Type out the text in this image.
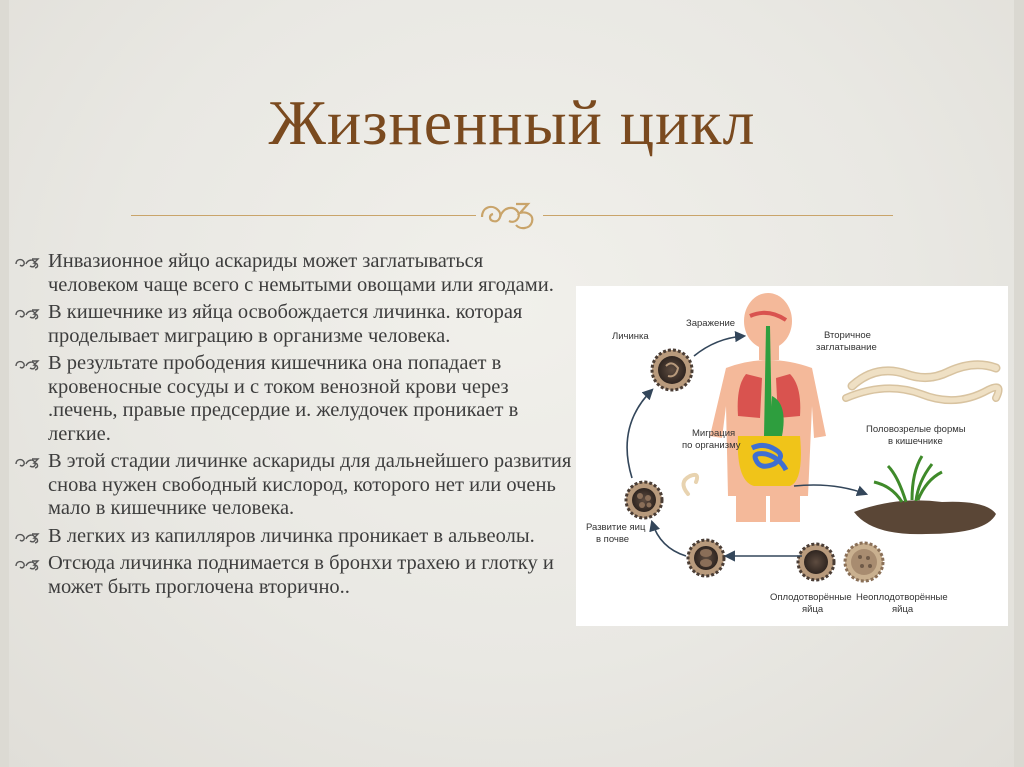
Жизненный цикл
Инвазионное яйцо аскариды может заглатываться человеком чаще всего с немытыми овощами или ягодами.
В кишечнике из яйца освобождается личинка. которая проделывает миграцию в организме человека.
В результате прободения кишечника она попадает в кровеносные сосуды и с током венозной крови через .печень, правые предсердие и. желудочек проникает в легкие.
В этой стадии личинке аскариды для дальнейшего развития снова нужен свободный кислород, которого нет или очень мало в кишечнике человека.
В легких из капилляров личинка проникает в альвеолы.
Отсюда личинка поднимается в бронхи трахею и глотку и может быть проглочена вторично..
Личинка
Заражение
Вторичное
заглатывание
Половозрелые формы
в кишечнике
Миграция
по организму
Развитие яиц
в почве
Оплодотворённые
яйца
Неоплодотворённые
яйца
